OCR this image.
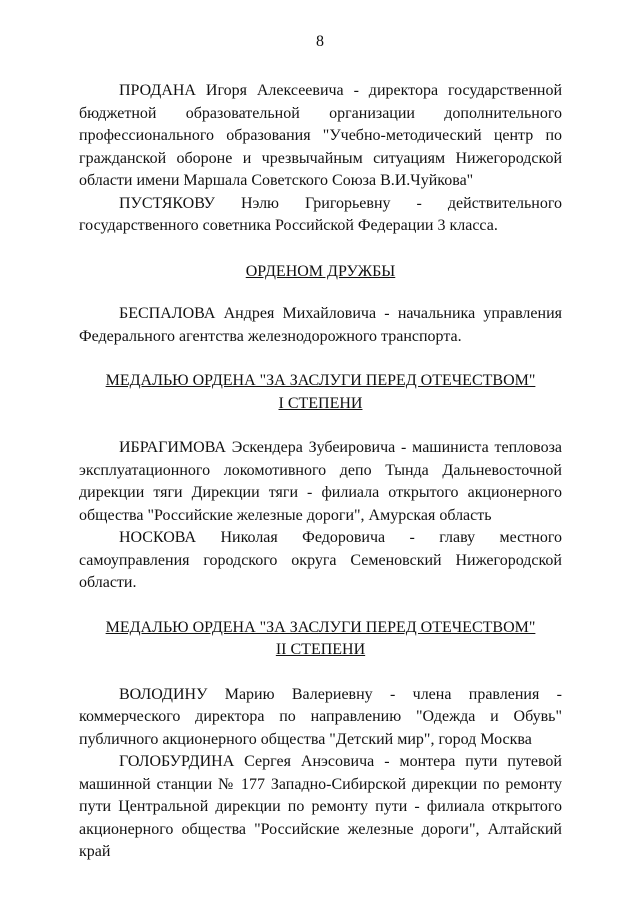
8

ПРОДАНА Игоря Алексеевича - директора государственной бюджетной образовательной организации дополнительного профессионального образования "Учебно-методический центр по гражданской обороне и чрезвычайным ситуациям Нижегородской области имени Маршала Советского Союза В.И.Чуйкова"

ПУСТЯКОВУ Нэлю Григорьевну - действительного государственного советника Российской Федерации 3 класса.

ОРДЕНОМ ДРУЖБЫ

БЕСПАЛОВА Андрея Михайловича - начальника управления Федерального агентства железнодорожного транспорта.

МЕДАЛЬЮ ОРДЕНА "ЗА ЗАСЛУГИ ПЕРЕД ОТЕЧЕСТВОМ"
I СТЕПЕНИ

ИБРАГИМОВА Эскендера Зубеировича - машиниста тепловоза эксплуатационного локомотивного депо Тында Дальневосточной дирекции тяги Дирекции тяги - филиала открытого акционерного общества "Российские железные дороги", Амурская область

НОСКОВА Николая Федоровича - главу местного самоуправления городского округа Семеновский Нижегородской области.

МЕДАЛЬЮ ОРДЕНА "ЗА ЗАСЛУГИ ПЕРЕД ОТЕЧЕСТВОМ"
II СТЕПЕНИ

ВОЛОДИНУ Марию Валериевну - члена правления - коммерческого директора по направлению "Одежда и Обувь" публичного акционерного общества "Детский мир", город Москва

ГОЛОБУРДИНА Сергея Анэсовича - монтера пути путевой машинной станции № 177 Западно-Сибирской дирекции по ремонту пути Центральной дирекции по ремонту пути - филиала открытого акционерного общества "Российские железные дороги", Алтайский край
